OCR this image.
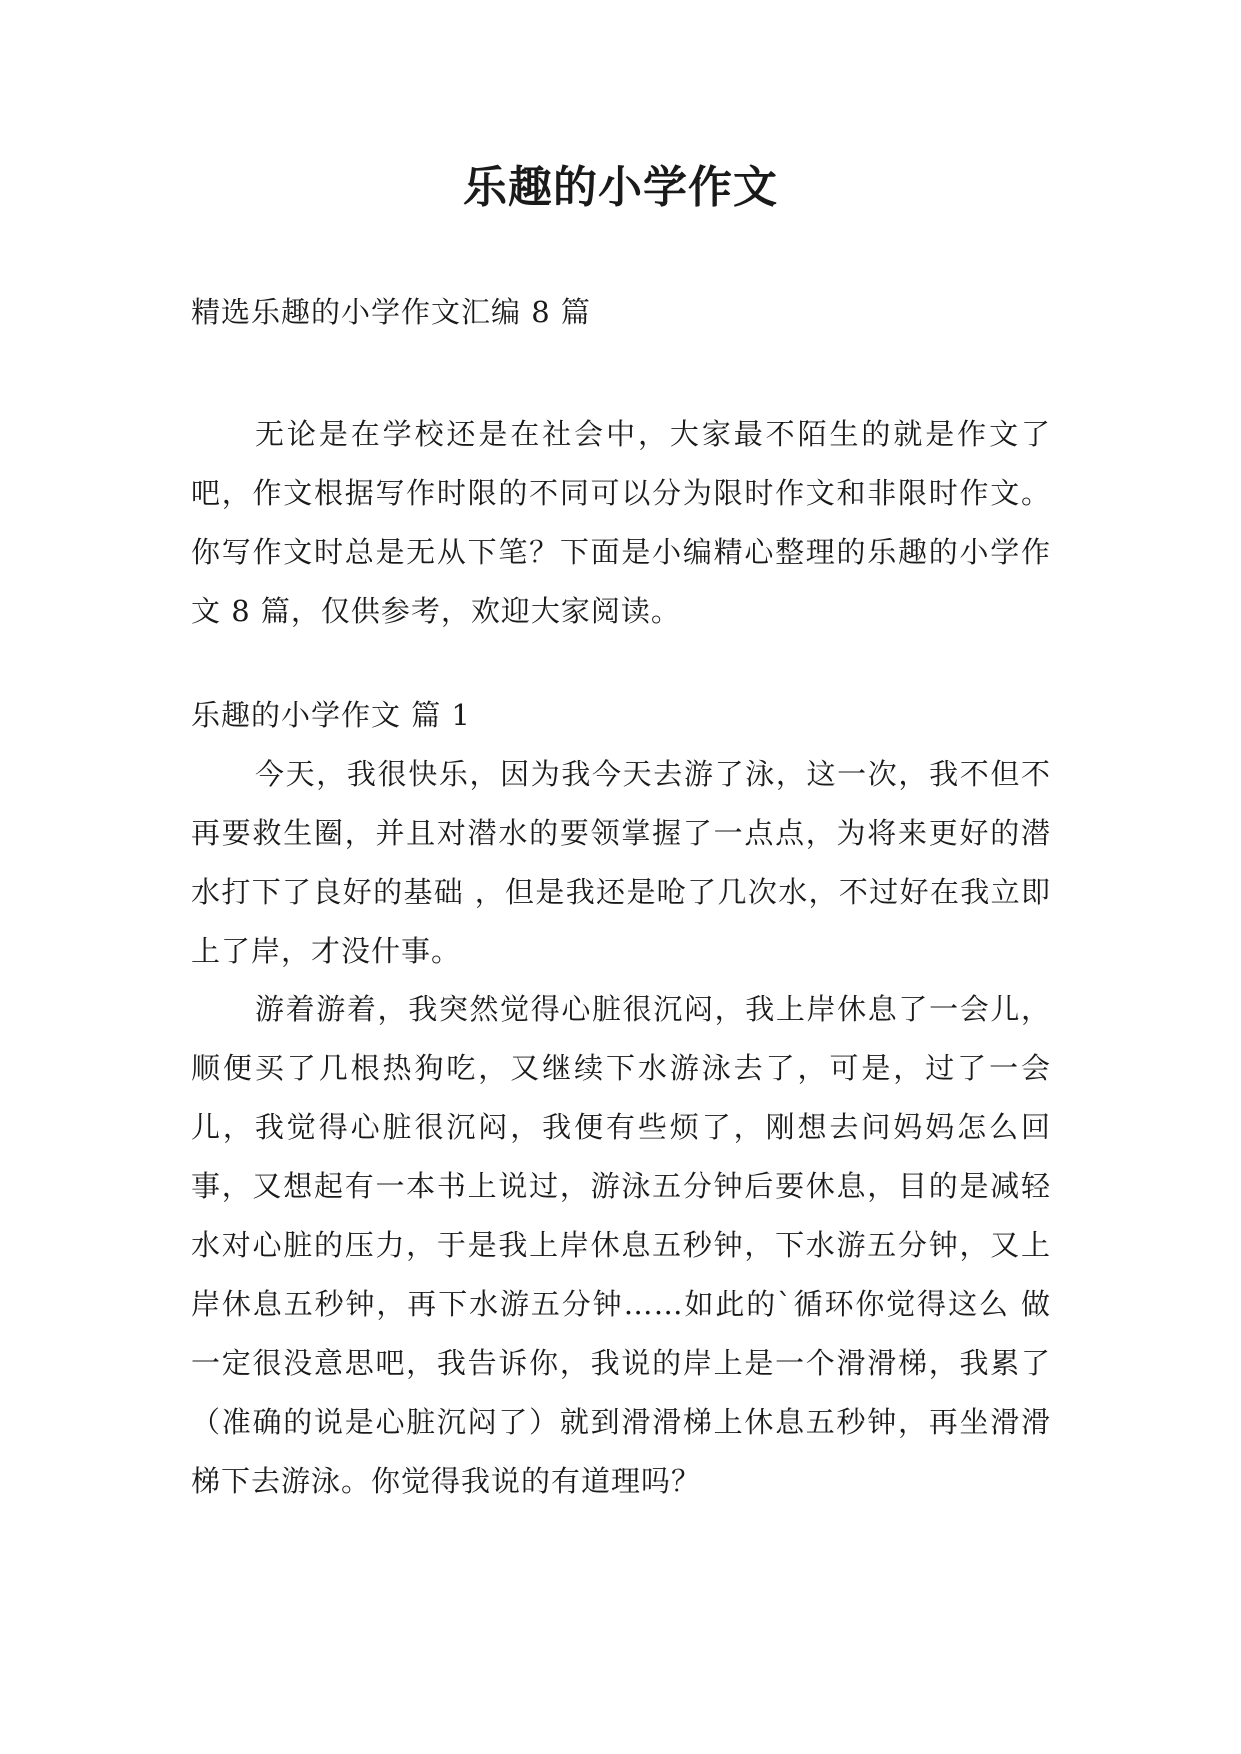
乐趣的小学作文

精选乐趣的小学作文汇编 8 篇

无论是在学校还是在社会中，大家最不陌生的就是作文了吧，作文根据写作时限的不同可以分为限时作文和非限时作文。你写作文时总是无从下笔？下面是小编精心整理的乐趣的小学作文 8 篇，仅供参考，欢迎大家阅读。

乐趣的小学作文 篇 1

今天，我很快乐，因为我今天去游了泳，这一次，我不但不再要救生圈，并且对潜水的要领掌握了一点点，为将来更好的潜水打下了良好的基础 ，但是我还是呛了几次水，不过好在我立即上了岸，才没什事。

游着游着，我突然觉得心脏很沉闷，我上岸休息了一会儿，顺便买了几根热狗吃，又继续下水游泳去了，可是，过了一会儿，我觉得心脏很沉闷，我便有些烦了，刚想去问妈妈怎么回事，又想起有一本书上说过，游泳五分钟后要休息，目的是减轻水对心脏的压力，于是我上岸休息五秒钟，下水游五分钟，又上岸休息五秒钟，再下水游五分钟……如此的`循环你觉得这么 做一定很没意思吧，我告诉你，我说的岸上是一个滑滑梯，我累了（准确的说是心脏沉闷了）就到滑滑梯上休息五秒钟，再坐滑滑梯下去游泳。你觉得我说的有道理吗？
